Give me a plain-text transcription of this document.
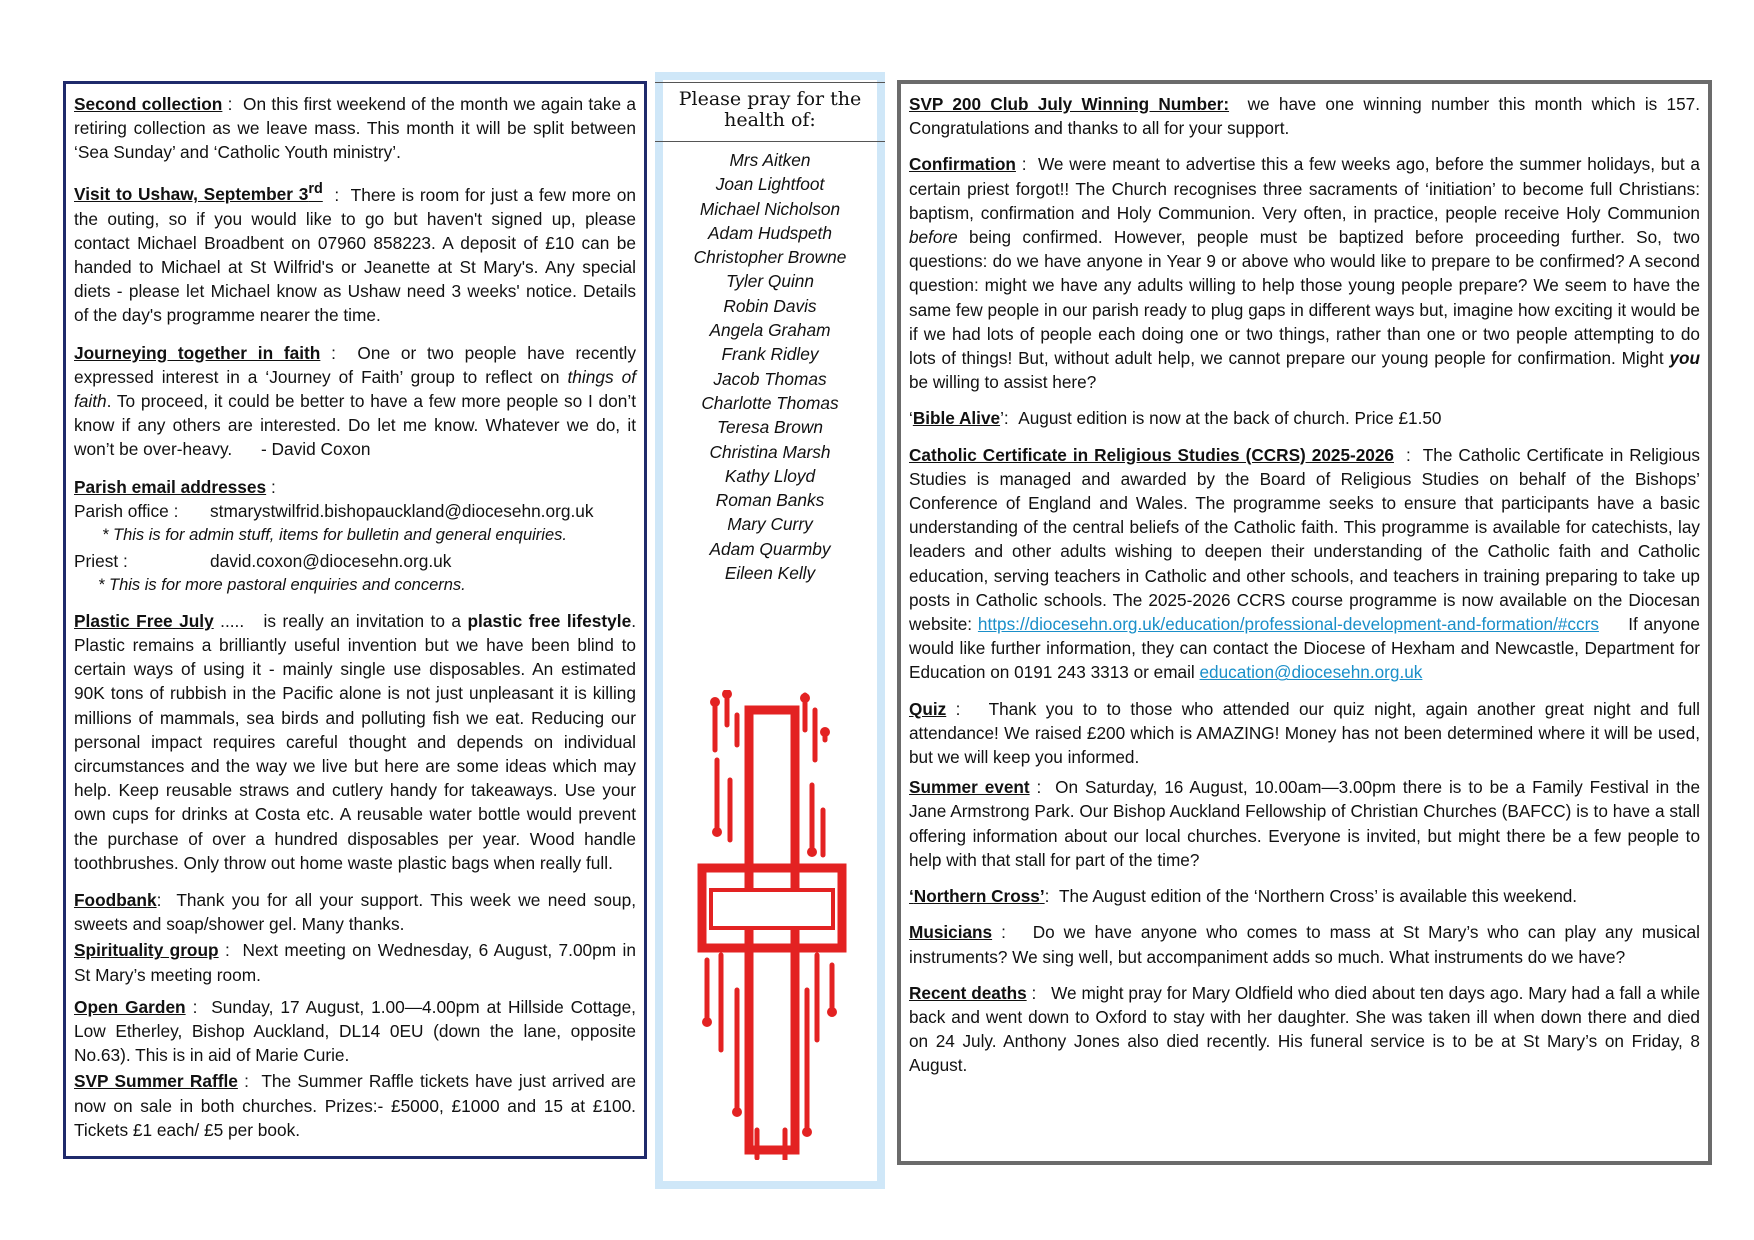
Second collection :  On this first weekend of the month we again take a retiring collection as we leave mass. This month it will be split between ‘Sea Sunday’ and ‘Catholic Youth ministry’.

Visit to Ushaw, September 3rd  :  There is room for just a few more on the outing, so if you would like to go but haven't signed up, please contact Michael Broadbent on 07960 858223. A deposit of £10 can be handed to Michael at St Wilfrid's or Jeanette at St Mary's. Any special diets - please let Michael know as Ushaw need 3 weeks' notice. Details of the day's programme nearer the time.

Journeying together in faith :  One or two people have recently expressed interest in a ‘Journey of Faith’ group to reflect on things of faith. To proceed, it could be better to have a few more people so I don’t know if any others are interested. Do let me know. Whatever we do, it won’t be over-heavy. - David Coxon

Parish email addresses :
Parish office :	stmarystwilfrid.bishopauckland@diocesehn.org.uk
* This is for admin stuff, items for bulletin and general enquiries.
Priest :	david.coxon@diocesehn.org.uk
* This is for more pastoral enquiries and concerns.

Plastic Free July ..... is really an invitation to a plastic free lifestyle. Plastic remains a brilliantly useful invention but we have been blind to certain ways of using it - mainly single use disposables. An estimated 90K tons of rubbish in the Pacific alone is not just unpleasant it is killing millions of mammals, sea birds and polluting fish we eat. Reducing our personal impact requires careful thought and depends on individual circumstances and the way we live but here are some ideas which may help. Keep reusable straws and cutlery handy for takeaways. Use your own cups for drinks at Costa etc. A reusable water bottle would prevent the purchase of over a hundred disposables per year. Wood handle toothbrushes. Only throw out home waste plastic bags when really full.

Foodbank:  Thank you for all your support. This week we need soup, sweets and soap/shower gel. Many thanks.

Spirituality group :  Next meeting on Wednesday, 6 August, 7.00pm in St Mary’s meeting room.

Open Garden :  Sunday, 17 August, 1.00—4.00pm at Hillside Cottage, Low Etherley, Bishop Auckland, DL14 0EU (down the lane, opposite No.63). This is in aid of Marie Curie.

SVP Summer Raffle :  The Summer Raffle tickets have just arrived are now on sale in both churches. Prizes:- £5000, £1000 and 15 at £100. Tickets £1 each/ £5 per book.

Please pray for the health of:
Mrs Aitken
Joan Lightfoot
Michael Nicholson
Adam Hudspeth
Christopher Browne
Tyler Quinn
Robin Davis
Angela Graham
Frank Ridley
Jacob Thomas
Charlotte Thomas
Teresa Brown
Christina Marsh
Kathy Lloyd
Roman Banks
Mary Curry
Adam Quarmby
Eileen Kelly

SVP 200 Club July Winning Number: we have one winning number this month which is 157. Congratulations and thanks to all for your support.

Confirmation :  We were meant to advertise this a few weeks ago, before the summer holidays, but a certain priest forgot!! The Church recognises three sacraments of ‘initiation’ to become full Christians: baptism, confirmation and Holy Communion. Very often, in practice, people receive Holy Communion before being confirmed. However, people must be baptized before proceeding further. So, two questions: do we have anyone in Year 9 or above who would like to prepare to be confirmed? A second question: might we have any adults willing to help those young people prepare? We seem to have the same few people in our parish ready to plug gaps in different ways but, imagine how exciting it would be if we had lots of people each doing one or two things, rather than one or two people attempting to do lots of things! But, without adult help, we cannot prepare our young people for confirmation. Might you be willing to assist here?

‘Bible Alive’:  August edition is now at the back of church. Price £1.50

Catholic Certificate in Religious Studies (CCRS) 2025-2026  :  The Catholic Certificate in Religious Studies is managed and awarded by the Board of Religious Studies on behalf of the Bishops’ Conference of England and Wales. The programme seeks to ensure that participants have a basic understanding of the central beliefs of the Catholic faith. This programme is available for catechists, lay leaders and other adults wishing to deepen their understanding of the Catholic faith and Catholic education, serving teachers in Catholic and other schools, and teachers in training preparing to take up posts in Catholic schools. The 2025-2026 CCRS course programme is now available on the Diocesan website: https://diocesehn.org.uk/education/professional-development-and-formation/#ccrs If anyone would like further information, they can contact the Diocese of Hexham and Newcastle, Department for Education on 0191 243 3313 or email education@diocesehn.org.uk

Quiz :   Thank you to to those who attended our quiz night, again another great night and full attendance! We raised £200 which is AMAZING! Money has not been determined where it will be used, but we will keep you informed.

Summer event :  On Saturday, 16 August, 10.00am—3.00pm there is to be a Family Festival in the Jane Armstrong Park. Our Bishop Auckland Fellowship of Christian Churches (BAFCC) is to have a stall offering information about our local churches. Everyone is invited, but might there be a few people to help with that stall for part of the time?

‘Northern Cross’:  The August edition of the ‘Northern Cross’ is available this weekend.

Musicians :   Do we have anyone who comes to mass at St Mary’s who can play any musical instruments? We sing well, but accompaniment adds so much. What instruments do we have?

Recent deaths :   We might pray for Mary Oldfield who died about ten days ago. Mary had a fall a while back and went down to Oxford to stay with her daughter. She was taken ill when down there and died on 24 July. Anthony Jones also died recently. His funeral service is to be at St Mary’s on Friday, 8 August.
